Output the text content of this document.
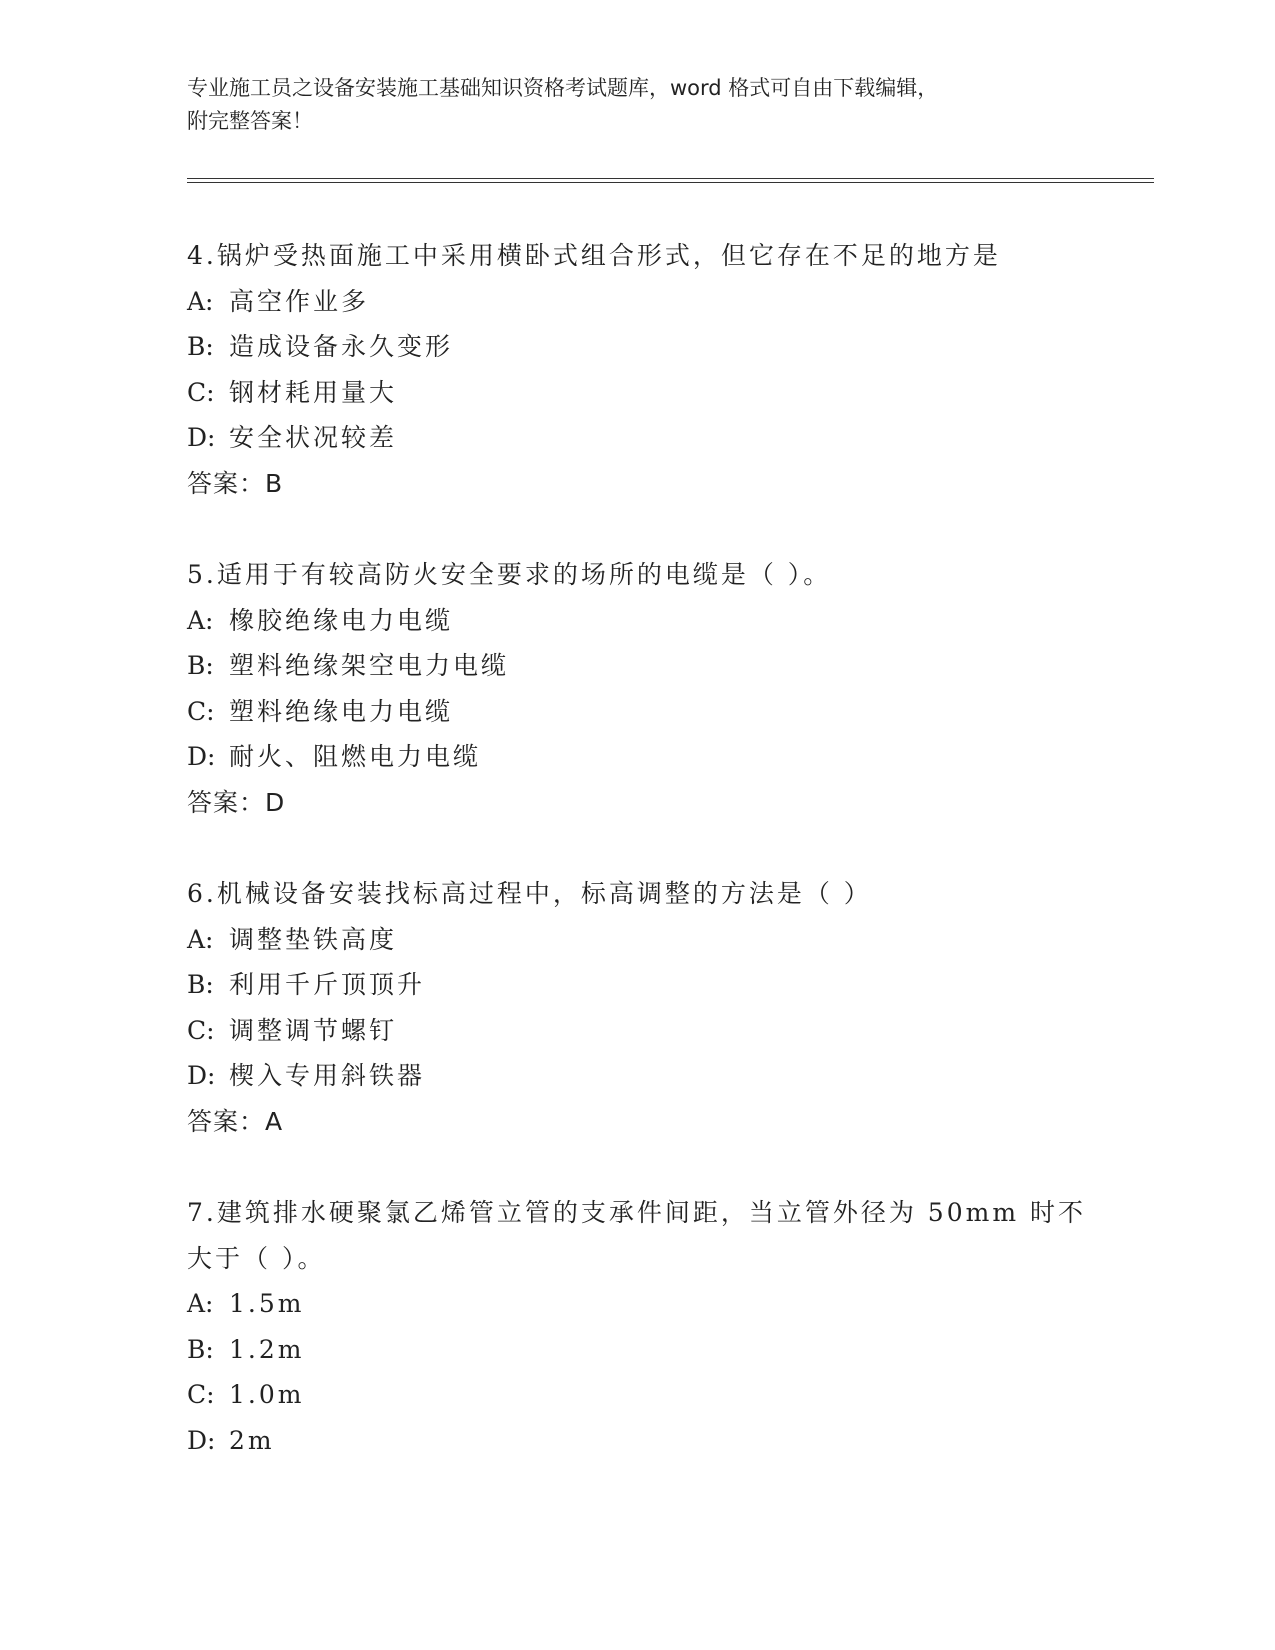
专业施工员之设备安装施工基础知识资格考试题库，word 格式可自由下载编辑，
附完整答案！
4.锅炉受热面施工中采用横卧式组合形式，但它存在不足的地方是
A: 高空作业多
B: 造成设备永久变形
C: 钢材耗用量大
D: 安全状况较差
答案：B
5.适用于有较高防火安全要求的场所的电缆是（ ）。
A: 橡胶绝缘电力电缆
B: 塑料绝缘架空电力电缆
C: 塑料绝缘电力电缆
D: 耐火、阻燃电力电缆
答案：D
6.机械设备安装找标高过程中，标高调整的方法是（ ）
A: 调整垫铁高度
B: 利用千斤顶顶升
C: 调整调节螺钉
D: 楔入专用斜铁器
答案：A
7.建筑排水硬聚氯乙烯管立管的支承件间距，当立管外径为 50mm 时不
大于（ ）。
A: 1.5m
B: 1.2m
C: 1.0m
D: 2m
